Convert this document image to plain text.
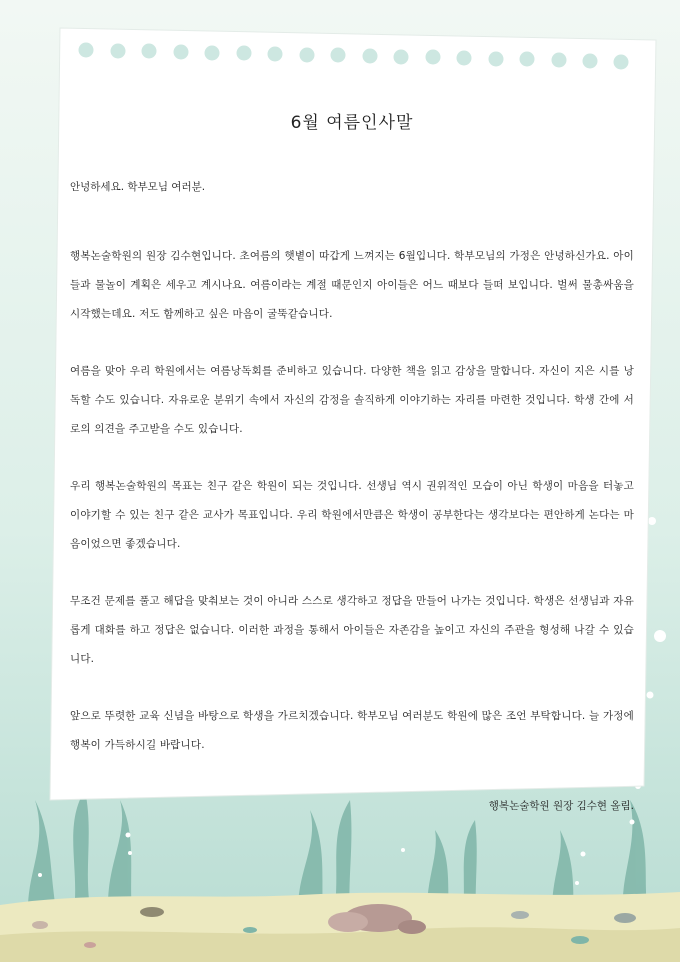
6월 여름인사말

안녕하세요. 학부모님 여러분.

행복논술학원의 원장 김수현입니다. 초여름의 햇볕이 따갑게 느껴지는 6월입니다. 학부모님의 가정은 안녕하신가요. 아이들과 물놀이 계획은 세우고 계시나요. 여름이라는 계절 때문인지 아이들은 어느 때보다 들떠 보입니다. 벌써 물총싸움을 시작했는데요. 저도 함께하고 싶은 마음이 굴뚝같습니다.

여름을 맞아 우리 학원에서는 여름낭독회를 준비하고 있습니다. 다양한 책을 읽고 감상을 말합니다. 자신이 지은 시를 낭독할 수도 있습니다. 자유로운 분위기 속에서 자신의 감정을 솔직하게 이야기하는 자리를 마련한 것입니다. 학생 간에 서로의 의견을 주고받을 수도 있습니다.

우리 행복논술학원의 목표는 친구 같은 학원이 되는 것입니다. 선생님 역시 권위적인 모습이 아닌 학생이 마음을 터놓고 이야기할 수 있는 친구 같은 교사가 목표입니다. 우리 학원에서만큼은 학생이 공부한다는 생각보다는 편안하게 논다는 마음이었으면 좋겠습니다.

무조건 문제를 풀고 해답을 맞춰보는 것이 아니라 스스로 생각하고 정답을 만들어 나가는 것입니다. 학생은 선생님과 자유롭게 대화를 하고 정답은 없습니다. 이러한 과정을 통해서 아이들은 자존감을 높이고 자신의 주관을 형성해 나갈 수 있습니다.

앞으로 뚜렷한 교육 신념을 바탕으로 학생을 가르치겠습니다. 학부모님 여러분도 학원에 많은 조언 부탁합니다. 늘 가정에 행복이 가득하시길 바랍니다.

행복논술학원 원장 김수현 올림.
